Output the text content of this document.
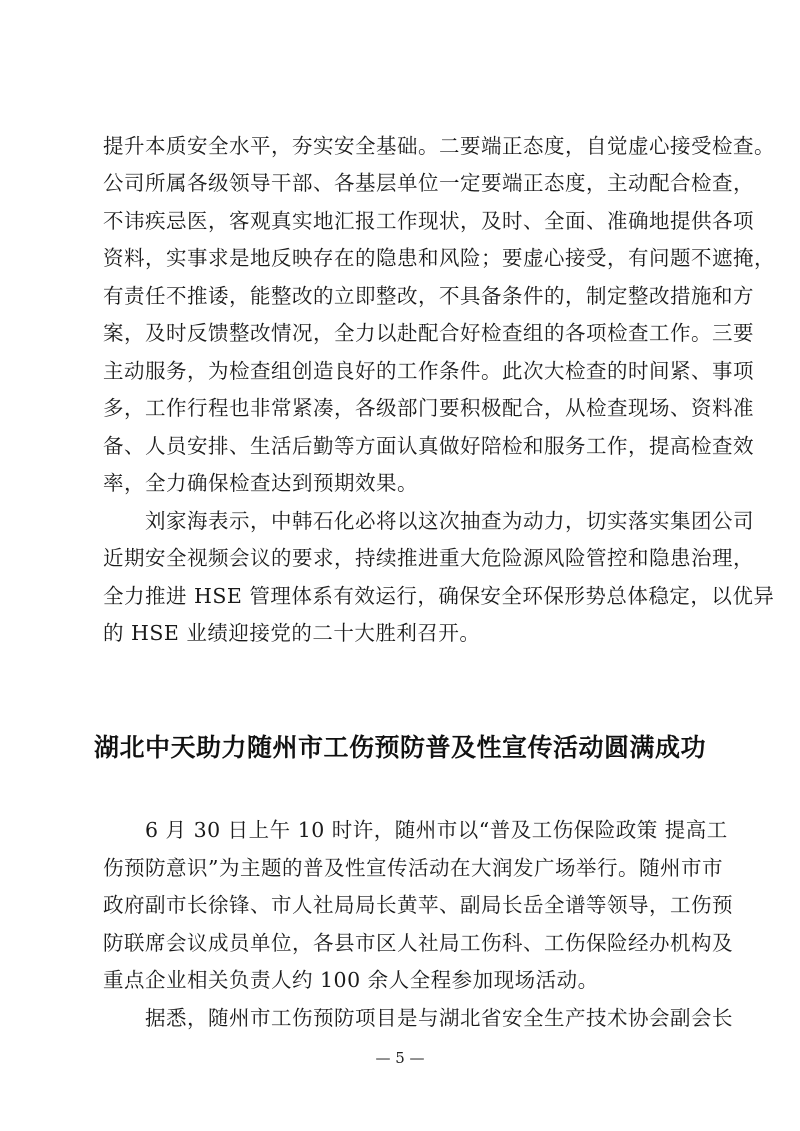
提升本质安全水平，夯实安全基础。二要端正态度，自觉虚心接受检查。
公司所属各级领导干部、各基层单位一定要端正态度，主动配合检查，
不讳疾忌医，客观真实地汇报工作现状，及时、全面、准确地提供各项
资料，实事求是地反映存在的隐患和风险；要虚心接受，有问题不遮掩，
有责任不推诿，能整改的立即整改，不具备条件的，制定整改措施和方
案，及时反馈整改情况，全力以赴配合好检查组的各项检查工作。三要
主动服务，为检查组创造良好的工作条件。此次大检查的时间紧、事项
多，工作行程也非常紧凑，各级部门要积极配合，从检查现场、资料准
备、人员安排、生活后勤等方面认真做好陪检和服务工作，提高检查效
率，全力确保检查达到预期效果。
刘家海表示，中韩石化必将以这次抽查为动力，切实落实集团公司
近期安全视频会议的要求，持续推进重大危险源风险管控和隐患治理，
全力推进 HSE 管理体系有效运行，确保安全环保形势总体稳定，以优异
的 HSE 业绩迎接党的二十大胜利召开。
湖北中天助力随州市工伤预防普及性宣传活动圆满成功
6 月 30 日上午 10 时许，随州市以“普及工伤保险政策 提高工
伤预防意识”为主题的普及性宣传活动在大润发广场举行。随州市市
政府副市长徐锋、市人社局局长黄苹、副局长岳全谱等领导，工伤预
防联席会议成员单位，各县市区人社局工伤科、工伤保险经办机构及
重点企业相关负责人约 100 余人全程参加现场活动。
据悉，随州市工伤预防项目是与湖北省安全生产技术协会副会长
— 5 —
